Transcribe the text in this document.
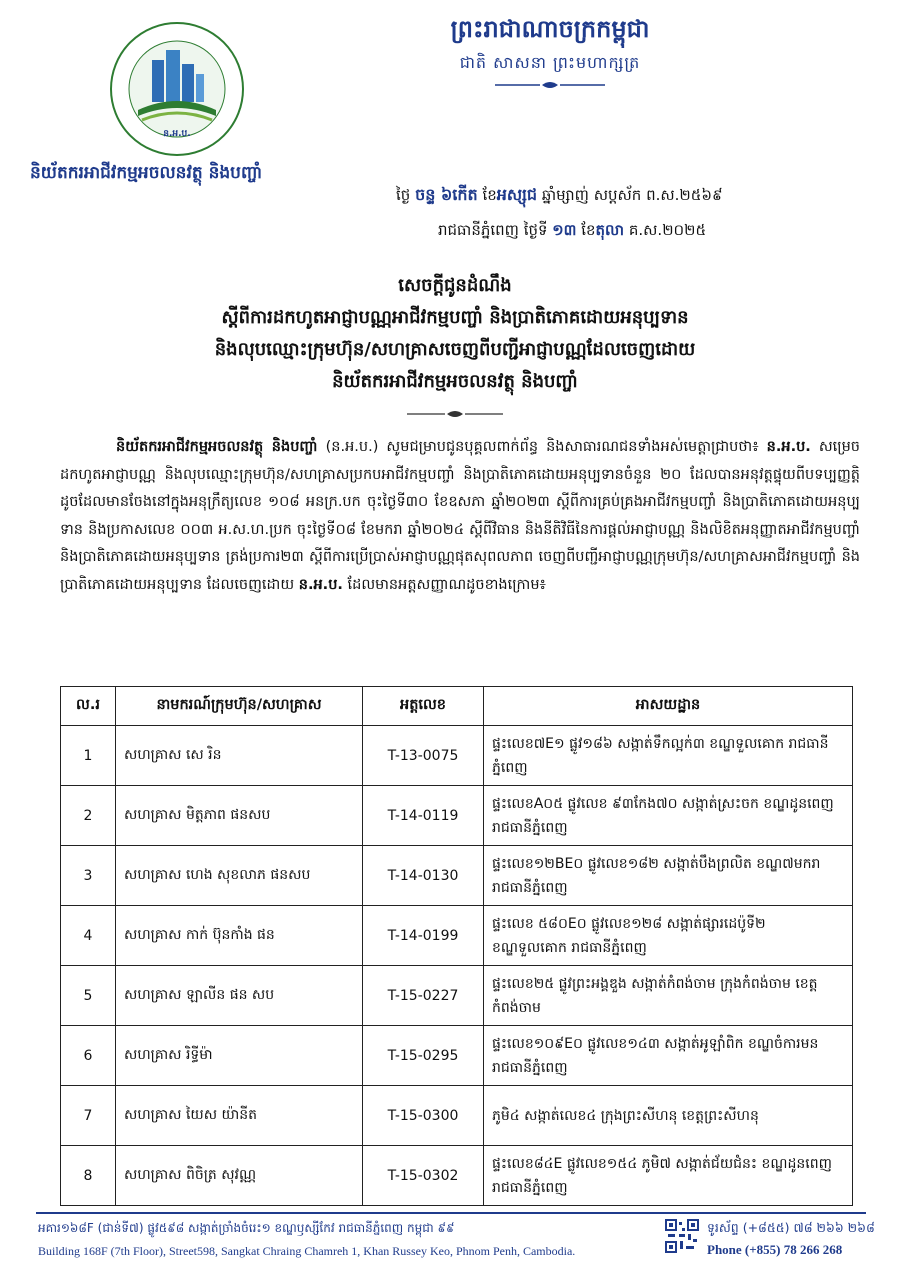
ន.អ.ប.
និយ័តករអាជីវកម្មអចលនវត្ថុ និងបញ្ចាំ
ព្រះរាជាណាចក្រកម្ពុជា
ជាតិ សាសនា ព្រះមហាក្សត្រ
ថ្ងៃ ចន្ទ ៦កើត ខែអស្សុជ ឆ្នាំម្សាញ់ សប្តស័ក ព.ស.២៥៦៩
រាជធានីភ្នំពេញ ថ្ងៃទី ១៣ ខែតុលា គ.ស.២០២៥
សេចក្តីជូនដំណឹង
ស្តីពីការដកហូតអាជ្ញាបណ្ណអាជីវកម្មបញ្ចាំ និងប្រាតិភោគដោយអនុប្បទាន
និងលុបឈ្មោះក្រុមហ៊ុន/សហគ្រាសចេញពីបញ្ជីអាជ្ញាបណ្ណដែលចេញដោយ
និយ័តករអាជីវកម្មអចលនវត្ថុ និងបញ្ចាំ
និយ័តករអាជីវកម្មអចលនវត្ថុ និងបញ្ចាំ (ន.អ.ប.) សូមជម្រាបជូនបុគ្គលពាក់ព័ន្ធ និងសាធារណជនទាំងអស់មេត្តាជ្រាបថា៖ ន.អ.ប. សម្រេចដកហូតអាជ្ញាបណ្ណ និងលុបឈ្មោះក្រុមហ៊ុន/សហគ្រាសប្រកបអាជីវកម្មបញ្ចាំ និងប្រាតិភោគដោយអនុប្បទានចំនួន ២០ ដែលបានអនុវត្តផ្ទុយពីបទប្បញ្ញត្តិដូចដែលមានចែងនៅក្នុងអនុក្រឹត្យលេខ ១០៨ អនក្រ.បក ចុះថ្ងៃទី៣០ ខែឧសភា ឆ្នាំ២០២៣ ស្តីពីការគ្រប់គ្រងអាជីវកម្មបញ្ចាំ និងប្រាតិភោគដោយអនុប្បទាន និងប្រកាសលេខ ០០៣ អ.ស.ហ.ប្រក ចុះថ្ងៃទី០៨ ខែមករា ឆ្នាំ២០២៤ ស្តីពីវិធាន និងនីតិវិធីនៃការផ្តល់អាជ្ញាបណ្ណ និងលិខិតអនុញ្ញាតអាជីវកម្មបញ្ចាំ និងប្រាតិភោគដោយអនុប្បទាន ត្រង់ប្រការ២៣ ស្តីពីការប្រើប្រាស់អាជ្ញាបណ្ណផុតសុពលភាព ចេញពីបញ្ជីអាជ្ញាបណ្ណក្រុមហ៊ុន/សហគ្រាសអាជីវកម្មបញ្ចាំ និងប្រាតិភោគដោយអនុប្បទាន ដែលចេញដោយ ន.អ.ប. ដែលមានអត្តសញ្ញាណដូចខាងក្រោម៖
ល.រ	នាមករណ៍ក្រុមហ៊ុន/សហគ្រាស	អត្តលេខ	អាសយដ្ឋាន
1	សហគ្រាស សេ រិន	T-13-0075	ផ្ទះលេខ៧E១ ផ្លូវ១៨៦ សង្កាត់ទឹកល្អក់៣ ខណ្ឌទួលគោក រាជធានីភ្នំពេញ
2	សហគ្រាស មិត្តភាព ផនសប	T-14-0119	ផ្ទះលេខA០៥ ផ្លូវលេខ ៩៣កែង៧០ សង្កាត់ស្រះចក ខណ្ឌដូនពេញ រាជធានីភ្នំពេញ
3	សហគ្រាស ហេង សុខលាភ ផនសប	T-14-0130	ផ្ទះលេខ១២BE០ ផ្លូវលេខ១៨២ សង្កាត់បឹងព្រលិត ខណ្ឌ៧មករា រាជធានីភ្នំពេញ
4	សហគ្រាស កាក់ ប៊ុនកាំង ផន	T-14-0199	ផ្ទះលេខ ៥៨០E០ ផ្លូវលេខ១២៨ សង្កាត់ផ្សារដេប៉ូទី២ ខណ្ឌទួលគោក រាជធានីភ្នំពេញ
5	សហគ្រាស ឡាលីន ផន សប	T-15-0227	ផ្ទះលេខ២៥ ផ្លូវព្រះអង្គឌួង សង្កាត់កំពង់ចាម ក្រុងកំពង់ចាម ខេត្តកំពង់ចាម
6	សហគ្រាស រិទ្ធីម៉ា	T-15-0295	ផ្ទះលេខ១០៩E០ ផ្លូវលេខ១៤៣ សង្កាត់អូឡាំពិក ខណ្ឌចំការមន រាជធានីភ្នំពេញ
7	សហគ្រាស យៃស យ៉ានីត	T-15-0300	ភូមិ៤ សង្កាត់លេខ៤ ក្រុងព្រះសីហនុ ខេត្តព្រះសីហនុ
8	សហគ្រាស ពិចិត្រ សុវណ្ណ	T-15-0302	ផ្ទះលេខ៨៤E ផ្លូវលេខ១៥៤ ភូមិ៧ សង្កាត់ជ័យជំនះ ខណ្ឌដូនពេញ រាជធានីភ្នំពេញ
អគារ១៦៨F (ជាន់ទី៧) ផ្លូវ៥៩៨ សង្កាត់ច្រាំងចំរេះ១ ខណ្ឌឫស្សីកែវ រាជធានីភ្នំពេញ កម្ពុជា ៩៩
Building 168F (7th Floor), Street598, Sangkat Chraing Chamreh 1, Khan Russey Keo, Phnom Penh, Cambodia.
ទូរស័ព្ទ (+៨៥៥) ៧៨ ២៦៦ ២៦៨
Phone (+855) 78 266 268
